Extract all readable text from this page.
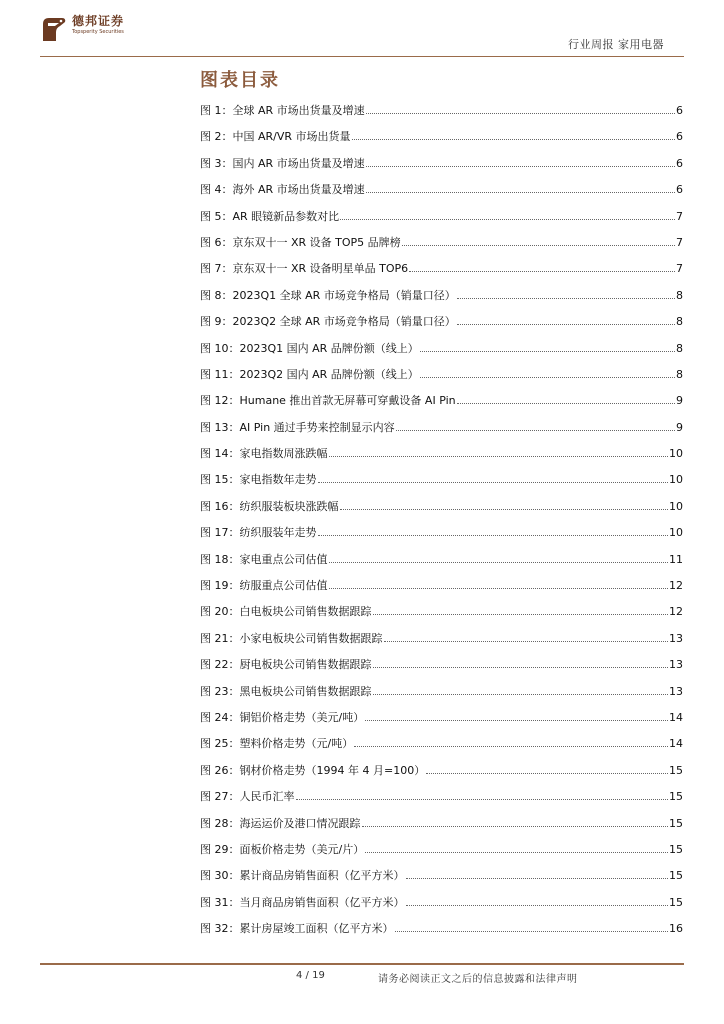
德邦证券
Topsperity Securities
行业周报 家用电器
图表目录
图 1：全球 AR 市场出货量及增速	6
图 2：中国 AR/VR 市场出货量	6
图 3：国内 AR 市场出货量及增速	6
图 4：海外 AR 市场出货量及增速	6
图 5：AR 眼镜新品参数对比	7
图 6：京东双十一 XR 设备 TOP5 品牌榜	7
图 7：京东双十一 XR 设备明星单品 TOP6	7
图 8：2023Q1 全球 AR 市场竞争格局（销量口径）	8
图 9：2023Q2 全球 AR 市场竞争格局（销量口径）	8
图 10：2023Q1 国内 AR 品牌份额（线上）	8
图 11：2023Q2 国内 AR 品牌份额（线上）	8
图 12：Humane 推出首款无屏幕可穿戴设备 AI Pin	9
图 13：AI Pin 通过手势来控制显示内容	9
图 14：家电指数周涨跌幅	10
图 15：家电指数年走势	10
图 16：纺织服装板块涨跌幅	10
图 17：纺织服装年走势	10
图 18：家电重点公司估值	11
图 19：纺服重点公司估值	12
图 20：白电板块公司销售数据跟踪	12
图 21：小家电板块公司销售数据跟踪	13
图 22：厨电板块公司销售数据跟踪	13
图 23：黑电板块公司销售数据跟踪	13
图 24：铜铝价格走势（美元/吨）	14
图 25：塑料价格走势（元/吨）	14
图 26：钢材价格走势（1994 年 4 月=100）	15
图 27：人民币汇率	15
图 28：海运运价及港口情况跟踪	15
图 29：面板价格走势（美元/片）	15
图 30：累计商品房销售面积（亿平方米）	15
图 31：当月商品房销售面积（亿平方米）	15
图 32：累计房屋竣工面积（亿平方米）	16
4 / 19	请务必阅读正文之后的信息披露和法律声明
